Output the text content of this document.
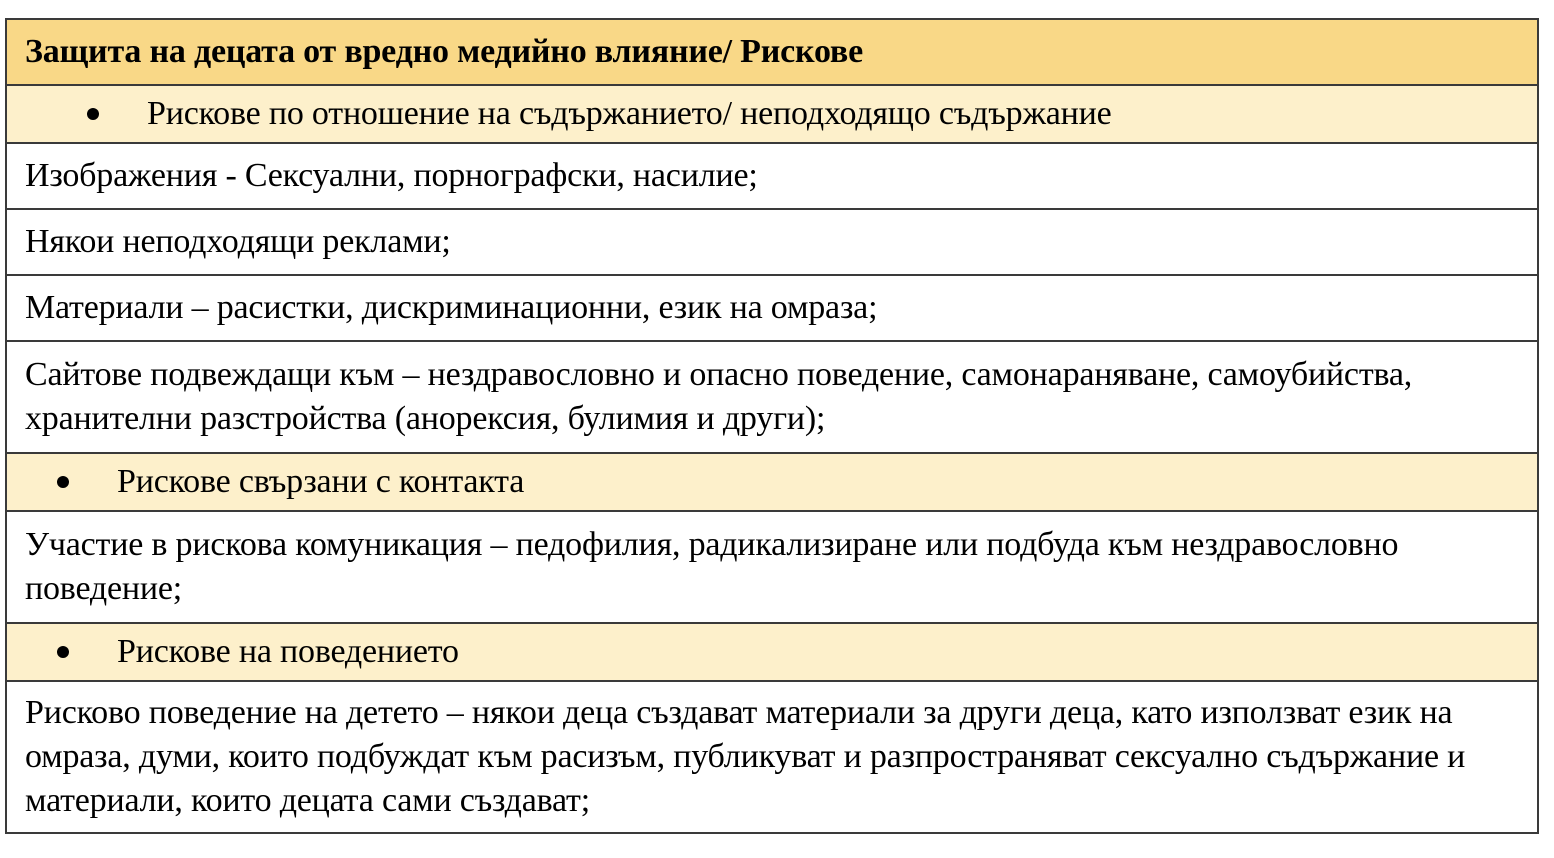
Защита на децата от вредно медийно влияние/ Рискове

Рискове по отношение на съдържанието/ неподходящо съдържание

Изображения - Сексуални, порнографски, насилие;
Някои неподходящи реклами;
Материали – расистки, дискриминационни, език на омраза;
Сайтове подвеждащи към – нездравословно и опасно поведение, самонараняване, самоубийства, хранителни разстройства (анорексия, булимия и други);

Рискове свързани с контакта

Участие в рискова комуникация – педофилия, радикализиране или подбуда към нездравословно поведение;

Рискове на поведението

Рисково поведение на детето – някои деца създават материали за други деца, като използват език на омраза, думи, които подбуждат към расизъм, публикуват и разпространяват сексуално съдържание и материали, които децата сами създават;
